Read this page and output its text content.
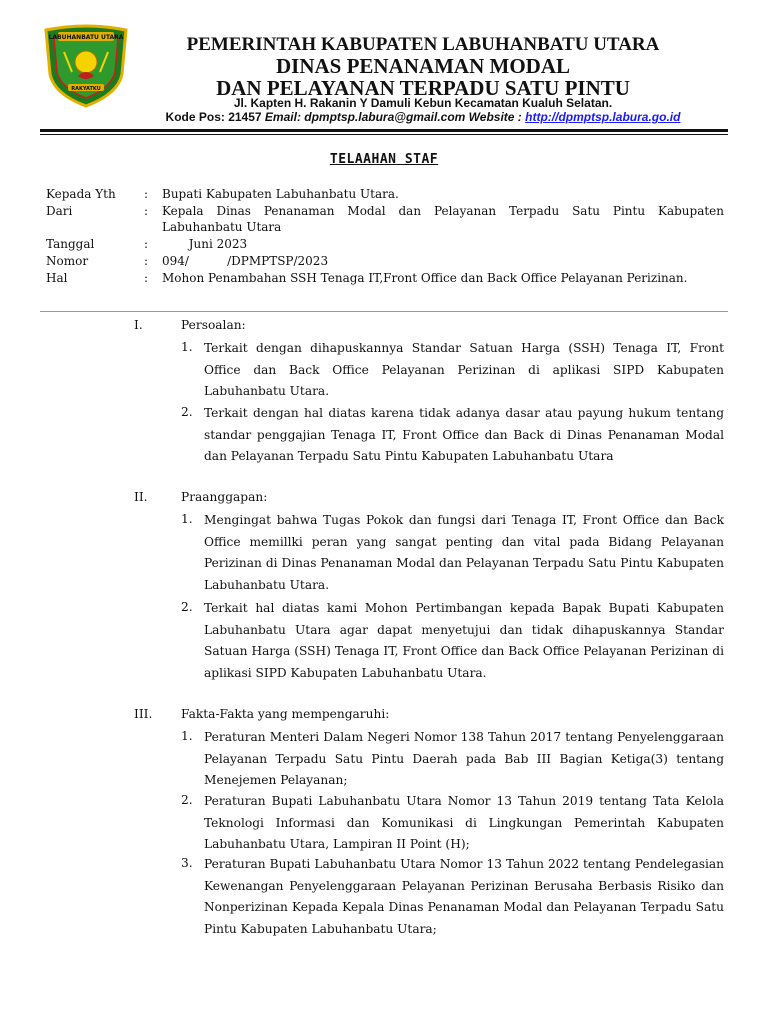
LABUHANBATU UTARA
RAKYATKU
PEMERINTAH KABUPATEN LABUHANBATU UTARA
DINAS PENANAMAN MODAL
DAN PELAYANAN TERPADU SATU PINTU
Jl. Kapten H. Rakanin Y Damuli Kebun Kecamatan Kualuh Selatan.
Kode Pos: 21457 Email: dpmptsp.labura@gmail.com Website : http://dpmptsp.labura.go.id
TELAAHAN STAF
Kepada Yth : Bupati Kabupaten Labuhanbatu Utara.
Dari	: Kepala Dinas Penanaman Modal dan Pelayanan Terpadu Satu Pintu Kabupaten Labuhanbatu Utara
Tanggal	: Juni 2023
Nomor	: 094/          /DPMPTSP/2023
Hal	: Mohon Penambahan SSH Tenaga IT,Front Office dan Back Office Pelayanan Perizinan.
I.	Persoalan:
1. Terkait dengan dihapuskannya Standar Satuan Harga (SSH) Tenaga IT, Front Office dan Back Office Pelayanan Perizinan di aplikasi SIPD Kabupaten Labuhanbatu Utara.
2. Terkait dengan hal diatas karena tidak adanya dasar atau payung hukum tentang standar penggajian Tenaga IT, Front Office dan Back di Dinas Penanaman Modal dan Pelayanan Terpadu Satu Pintu Kabupaten Labuhanbatu Utara
II.	Praanggapan:
1. Mengingat bahwa Tugas Pokok dan fungsi dari Tenaga IT, Front Office dan Back Office memillki peran yang sangat penting dan vital pada Bidang Pelayanan Perizinan di Dinas Penanaman Modal dan Pelayanan Terpadu Satu Pintu Kabupaten Labuhanbatu Utara.
2. Terkait hal diatas kami Mohon Pertimbangan kepada Bapak Bupati Kabupaten Labuhanbatu Utara agar dapat menyetujui dan tidak dihapuskannya Standar Satuan Harga (SSH) Tenaga IT, Front Office dan Back Office Pelayanan Perizinan di aplikasi SIPD Kabupaten Labuhanbatu Utara.
III. Fakta-Fakta yang mempengaruhi:
1. Peraturan Menteri Dalam Negeri Nomor 138 Tahun 2017 tentang Penyelenggaraan Pelayanan Terpadu Satu Pintu Daerah pada Bab III Bagian Ketiga(3) tentang Menejemen Pelayanan;
2. Peraturan Bupati Labuhanbatu Utara Nomor 13 Tahun 2019 tentang Tata Kelola Teknologi Informasi dan Komunikasi di Lingkungan Pemerintah Kabupaten Labuhanbatu Utara, Lampiran II Point (H);
3. Peraturan Bupati Labuhanbatu Utara Nomor 13 Tahun 2022 tentang Pendelegasian Kewenangan Penyelenggaraan Pelayanan Perizinan Berusaha Berbasis Risiko dan Nonperizinan Kepada Kepala Dinas Penanaman Modal dan Pelayanan Terpadu Satu Pintu Kabupaten Labuhanbatu Utara;
